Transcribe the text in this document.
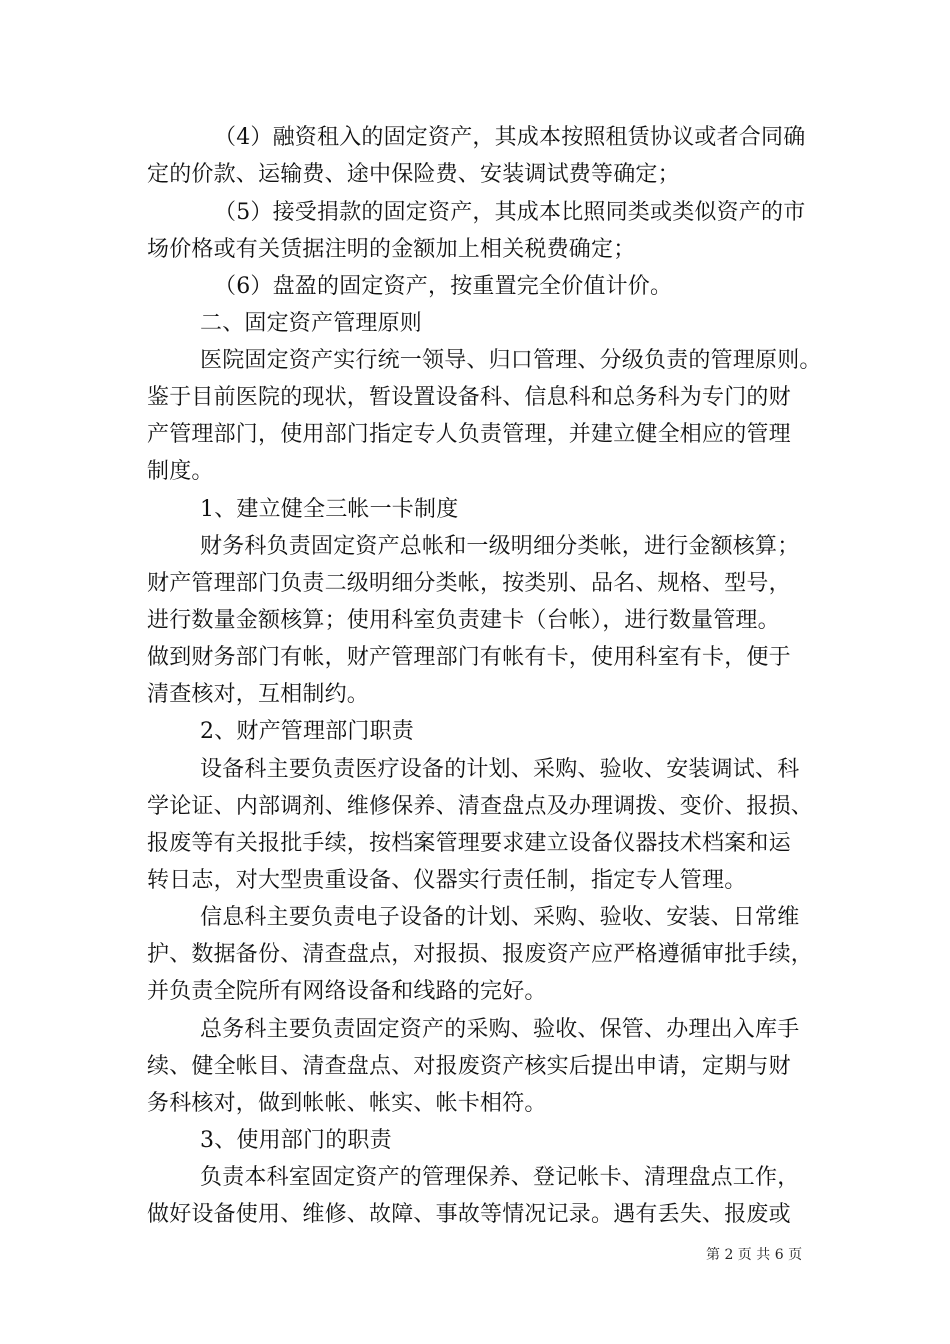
（4）融资租入的固定资产，其成本按照租赁协议或者合同确
定的价款、运输费、途中保险费、安装调试费等确定；
（5）接受捐款的固定资产，其成本比照同类或类似资产的市
场价格或有关赁据注明的金额加上相关税费确定；
（6）盘盈的固定资产，按重置完全价值计价。
二、固定资产管理原则
医院固定资产实行统一领导、归口管理、分级负责的管理原则。
鉴于目前医院的现状，暂设置设备科、信息科和总务科为专门的财
产管理部门，使用部门指定专人负责管理，并建立健全相应的管理
制度。
1、建立健全三帐一卡制度
财务科负责固定资产总帐和一级明细分类帐，进行金额核算；
财产管理部门负责二级明细分类帐，按类别、品名、规格、型号，
进行数量金额核算；使用科室负责建卡（台帐），进行数量管理。
做到财务部门有帐，财产管理部门有帐有卡，使用科室有卡，便于
清查核对，互相制约。
2、财产管理部门职责
设备科主要负责医疗设备的计划、采购、验收、安装调试、科
学论证、内部调剂、维修保养、清查盘点及办理调拨、变价、报损、
报废等有关报批手续，按档案管理要求建立设备仪器技术档案和运
转日志，对大型贵重设备、仪器实行责任制，指定专人管理。
信息科主要负责电子设备的计划、采购、验收、安装、日常维
护、数据备份、清查盘点，对报损、报废资产应严格遵循审批手续，
并负责全院所有网络设备和线路的完好。
总务科主要负责固定资产的采购、验收、保管、办理出入库手
续、健全帐目、清查盘点、对报废资产核实后提出申请，定期与财
务科核对，做到帐帐、帐实、帐卡相符。
3、使用部门的职责
负责本科室固定资产的管理保养、登记帐卡、清理盘点工作，
做好设备使用、维修、故障、事故等情况记录。遇有丢失、报废或
第 2 页 共 6 页
